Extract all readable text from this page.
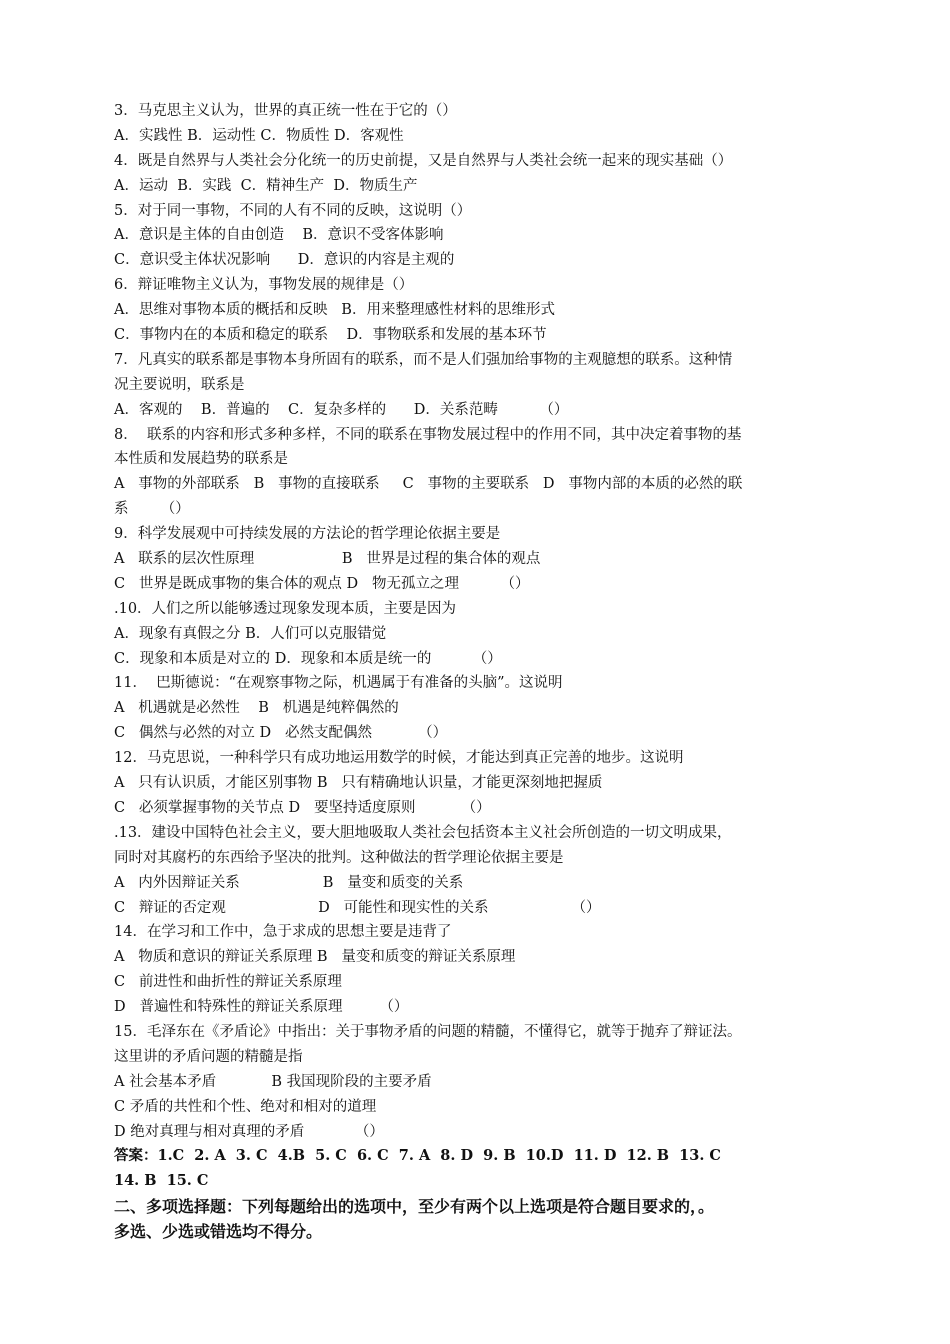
3．马克思主义认为，世界的真正统一性在于它的（）
A．实践性 B．运动性 C．物质性 D．客观性
4．既是自然界与人类社会分化统一的历史前提，又是自然界与人类社会统一起来的现实基础（）
A．运动  B．实践  C．精神生产  D．物质生产
5．对于同一事物，不同的人有不同的反映，这说明（）
A．意识是主体的自由创造    B．意识不受客体影响
C．意识受主体状况影响      D．意识的内容是主观的
6．辩证唯物主义认为，事物发展的规律是（）
A．思维对事物本质的概括和反映   B．用来整理感性材料的思维形式
C．事物内在的本质和稳定的联系    D．事物联系和发展的基本环节
7．凡真实的联系都是事物本身所固有的联系，而不是人们强加给事物的主观臆想的联系。这种情
况主要说明，联系是
A．客观的    B．普遍的    C．复杂多样的      D．关系范畴         （）
8．  联系的内容和形式多种多样，不同的联系在事物发展过程中的作用不同，其中决定着事物的基
本性质和发展趋势的联系是
A   事物的外部联系   B   事物的直接联系     C   事物的主要联系   D   事物内部的本质的必然的联
系       （）
9．科学发展观中可持续发展的方法论的哲学理论依据主要是
A   联系的层次性原理                   B   世界是过程的集合体的观点
C   世界是既成事物的集合体的观点 D   物无孤立之理         （）
.10．人们之所以能够透过现象发现本质，主要是因为
A．现象有真假之分 B．人们可以克服错觉
C．现象和本质是对立的 D．现象和本质是统一的         （）
11．  巴斯德说：“在观察事物之际，机遇属于有准备的头脑”。这说明
A   机遇就是必然性    B   机遇是纯粹偶然的
C   偶然与必然的对立 D   必然支配偶然          （）
12．马克思说，一种科学只有成功地运用数学的时候，才能达到真正完善的地步。这说明
A   只有认识质，才能区别事物 B   只有精确地认识量，才能更深刻地把握质
C   必须掌握事物的关节点 D   要坚持适度原则          （）
.13．建设中国特色社会主义，要大胆地吸取人类社会包括资本主义社会所创造的一切文明成果，
同时对其腐朽的东西给予坚决的批判。这种做法的哲学理论依据主要是
A   内外因辩证关系                  B   量变和质变的关系
C   辩证的否定观                    D   可能性和现实性的关系                  （）
14．在学习和工作中，急于求成的思想主要是违背了
A   物质和意识的辩证关系原理 B   量变和质变的辩证关系原理
C   前进性和曲折性的辩证关系原理
D   普遍性和特殊性的辩证关系原理        （）
15．毛泽东在《矛盾论》中指出：关于事物矛盾的问题的精髓，不懂得它，就等于抛弃了辩证法。
这里讲的矛盾问题的精髓是指
A 社会基本矛盾            B 我国现阶段的主要矛盾
C 矛盾的共性和个性、绝对和相对的道理
D 绝对真理与相对真理的矛盾           （）
答案：1.C  2. A  3. C  4.B  5. C  6. C  7. A  8. D  9. B  10.D  11. D  12. B  13. C
14. B  15. C
二、多项选择题：下列每题给出的选项中，至少有两个以上选项是符合题目要求的，。
多选、少选或错选均不得分。
